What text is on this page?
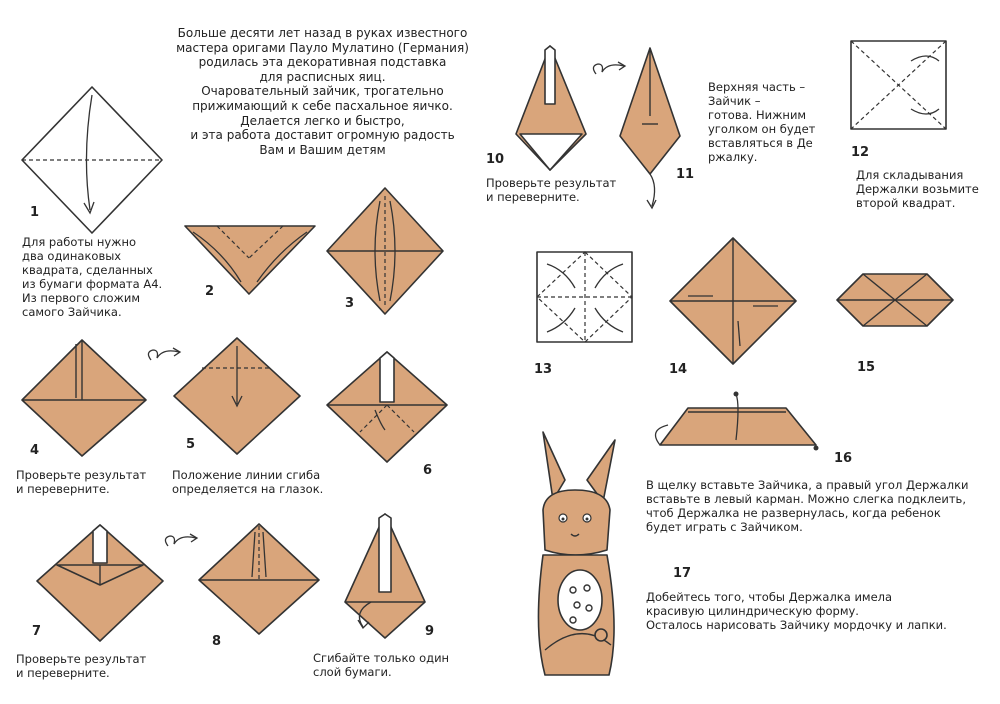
Больше десяти лет назад в руках известного
мастера оригами Пауло Мулатино (Германия)
родилась эта декоративная подставка
для расписных яиц.
Очаровательный зайчик, трогательно
прижимающий к себе пасхальное яичко.
Делается легко и быстро,
и эта работа доставит огромную радость
Вам и Вашим детям
1
Для работы нужно
два одинаковых
квадрата, сделанных
из бумаги формата А4.
Из первого сложим
самого Зайчика.
2
3
4
Проверьте результат
и переверните.
5
Положение линии сгиба
определяется на глазок.
6
7
Проверьте результат
и переверните.
8
9
Сгибайте только один
слой бумаги.
10
Проверьте результат
и переверните.
11
Верхняя часть –
Зайчик –
готова. Нижним
уголком он будет
вставляться в Де
ржалку.	12
Для складывания
Держалки возьмите
второй квадрат.
13	14	15
16
В щелку вставьте Зайчика, а правый угол Держалки
вставьте в левый карман. Можно слегка подклеить,
чтоб Держалка не развернулась, когда ребенок
будет играть с Зайчиком.
17
Добейтесь того, чтобы Держалка имела
красивую цилиндрическую форму.
Осталось нарисовать Зайчику мордочку и лапки.
